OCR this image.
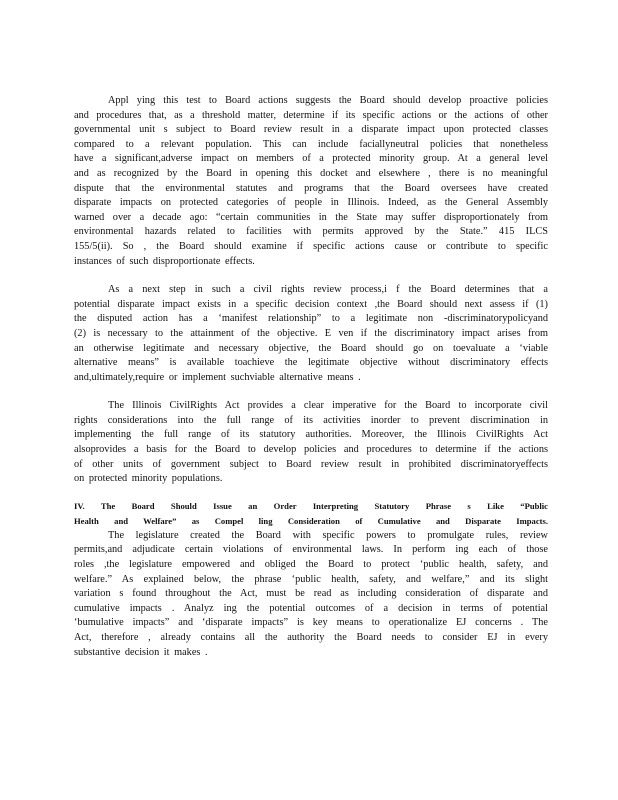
Appl ying this test to Board actions suggests the Board should develop proactive policies
and procedures that, as a threshold matter, determine if its specific actions or the actions of other
governmental unit s subject to Board review result in a disparate impact upon protected classes
compared to a relevant population. This can include faciallyneutral policies that nonetheless
have a significant,adverse impact on members of a protected minority group. At a general level
and as recognized by the Board in opening this docket and elsewhere , there is no meaningful
dispute that the environmental statutes and programs that the Board oversees have created
disparate impacts on protected categories of people in Illinois. Indeed, as the General Assembly
warned over a decade ago: “certain communities in the State may suffer disproportionately from
environmental hazards related to facilities with permits approved by the State.” 415 ILCS
155/5(ii). So , the Board should examine if specific actions cause or contribute to specific
instances of such disproportionate effects.

As a next step in such a civil rights review process,i f the Board determines that a
potential disparate impact exists in a specific decision context ,the Board should next assess if (1)
the disputed action has a ‘manifest relationship” to a legitimate non -discriminatorypolicyand
(2) is necessary to the attainment of the objective. E ven if the discriminatory impact arises from
an otherwise legitimate and necessary objective, the Board should go on toevaluate a ‘viable
alternative means” is available toachieve the legitimate objective without discriminatory effects
and,ultimately,require or implement suchviable alternative means .

The Illinois CivilRights Act provides a clear imperative for the Board to incorporate civil
rights considerations into the full range of its activities inorder to prevent discrimination in
implementing the full range of its statutory authorities. Moreover, the Illinois CivilRights Act
alsoprovides a basis for the Board to develop policies and procedures to determine if the actions
of other units of government subject to Board review result in prohibited discriminatoryeffects
on protected minority populations.

IV. The Board Should Issue an Order Interpreting Statutory Phrase s Like “Public
Health and Welfare” as Compel ling Consideration of Cumulative and Disparate Impacts.

The legislature created the Board with specific powers to promulgate rules, review
permits,and adjudicate certain violations of environmental laws. In perform ing each of those
roles ,the legislature empowered and obliged the Board to protect ‘public health, safety, and
welfare.” As explained below, the phrase ‘public health, safety, and welfare,” and its slight
variation s found throughout the Act, must be read as including consideration of disparate and
cumulative impacts . Analyz ing the potential outcomes of a decision in terms of potential
‘bumulative impacts” and ‘disparate impacts” is key means to operationalize EJ concerns . The
Act, therefore , already contains all the authority the Board needs to consider EJ in every
substantive decision it makes .
